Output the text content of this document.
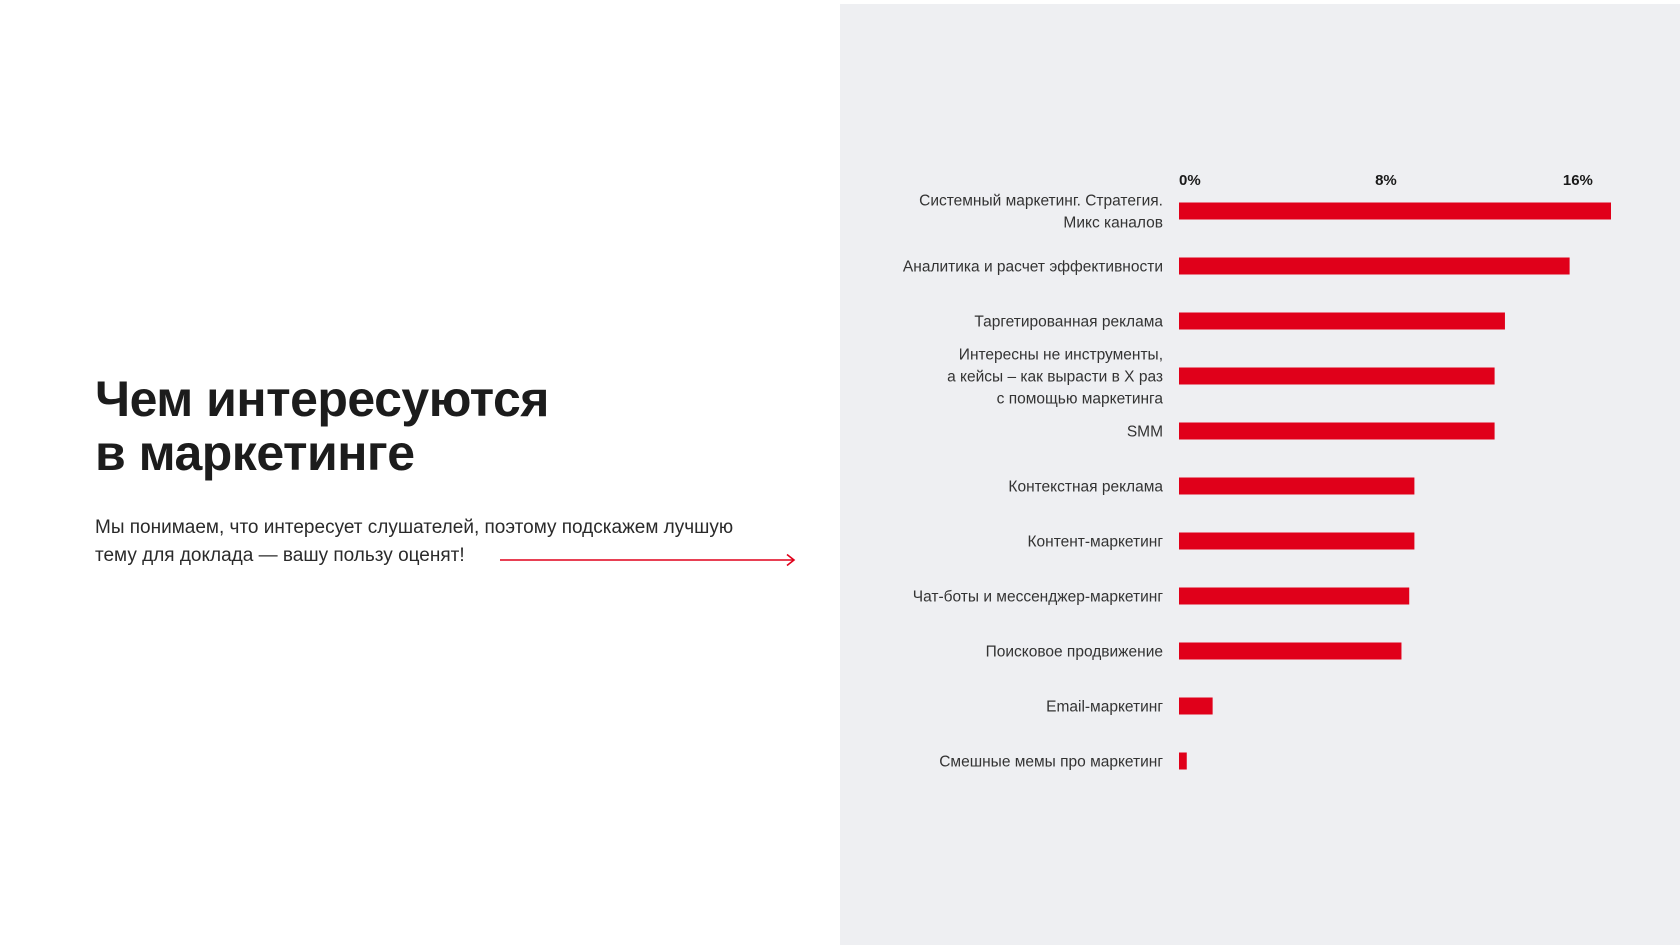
Чем интересуются
в маркетинге
Мы понимаем, что интересует слушателей, поэтому подскажем лучшую
тему для доклада — вашу пользу оценят!
0%	8%	16%
Системный маркетинг. Стратегия. Микс каналов
Аналитика и расчет эффективности
Таргетированная реклама
Интересны не инструменты, а кейсы – как вырасти в Х раз с помощью маркетинга
SMM
Контекстная реклама
Контент-маркетинг
Чат-боты и мессенджер-маркетинг
Поисковое продвижение
Email-маркетинг
Смешные мемы про маркетинг
